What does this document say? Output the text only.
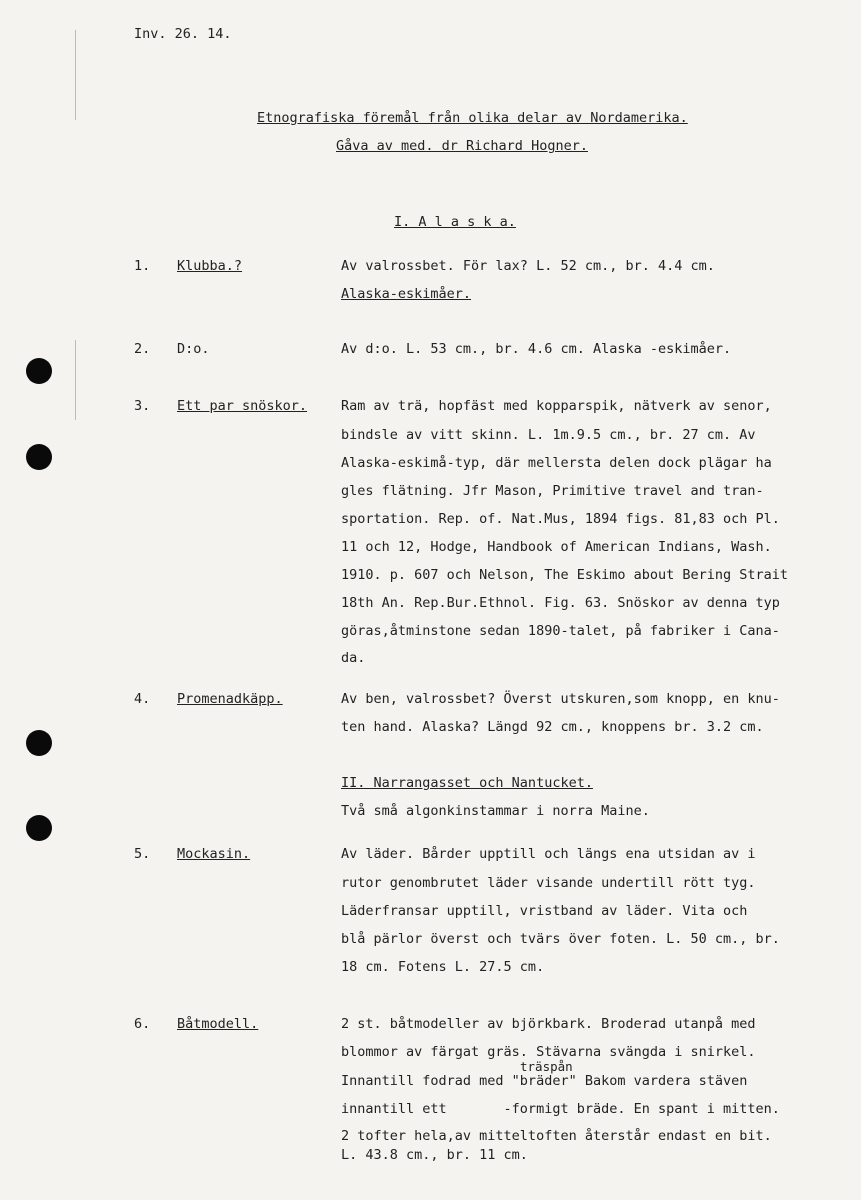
Inv. 26. 14.
Etnografiska föremål från olika delar av Nordamerika.
Gåva av med. dr Richard Hogner.
I. A l a s k a.
1. Klubba.?	Av valrossbet. För lax? L. 52 cm., br. 4.4 cm.
Alaska-eskimåer.
2. D:o.	Av d:o. L. 53 cm., br. 4.6 cm. Alaska -eskimåer.
3. Ett par snöskor.	Ram av trä, hopfäst med kopparspik, nätverk av senor,
bindsle av vitt skinn. L. 1m.9.5 cm., br. 27 cm. Av
Alaska-eskimå-typ, där mellersta delen dock plägar ha
gles flätning. Jfr Mason, Primitive travel and tran-
sportation. Rep. of. Nat.Mus, 1894 figs. 81,83 och Pl.
11 och 12, Hodge, Handbook of American Indians, Wash.
1910. p. 607 och Nelson, The Eskimo about Bering Strait
18th An. Rep.Bur.Ethnol. Fig. 63. Snöskor av denna typ
göras,åtminstone sedan 1890-talet, på fabriker i Cana-
da.
4. Promenadkäpp.	Av ben, valrossbet? Överst utskuren,som knopp, en knu-
ten hand. Alaska? Längd 92 cm., knoppens br. 3.2 cm.
II. Narrangasset och Nantucket.
Två små algonkinstammar i norra Maine.
5. Mockasin.	Av läder. Bårder upptill och längs ena utsidan av i
rutor genombrutet läder visande undertill rött tyg.
Läderfransar upptill, vristband av läder. Vita och
blå pärlor överst och tvärs över foten. L. 50 cm., br.
18 cm. Fotens L. 27.5 cm.
6. Båtmodell.	2 st. båtmodeller av björkbark. Broderad utanpå med
blommor av färgat gräs. Stävarna svängda i snirkel.
träspån
Innantill fodrad med "bräder" Bakom vardera stäven
innantill ett       -formigt bräde. En spant i mitten.
2 tofter hela,av mitteltoften återstår endast en bit.
L. 43.8 cm., br. 11 cm.
